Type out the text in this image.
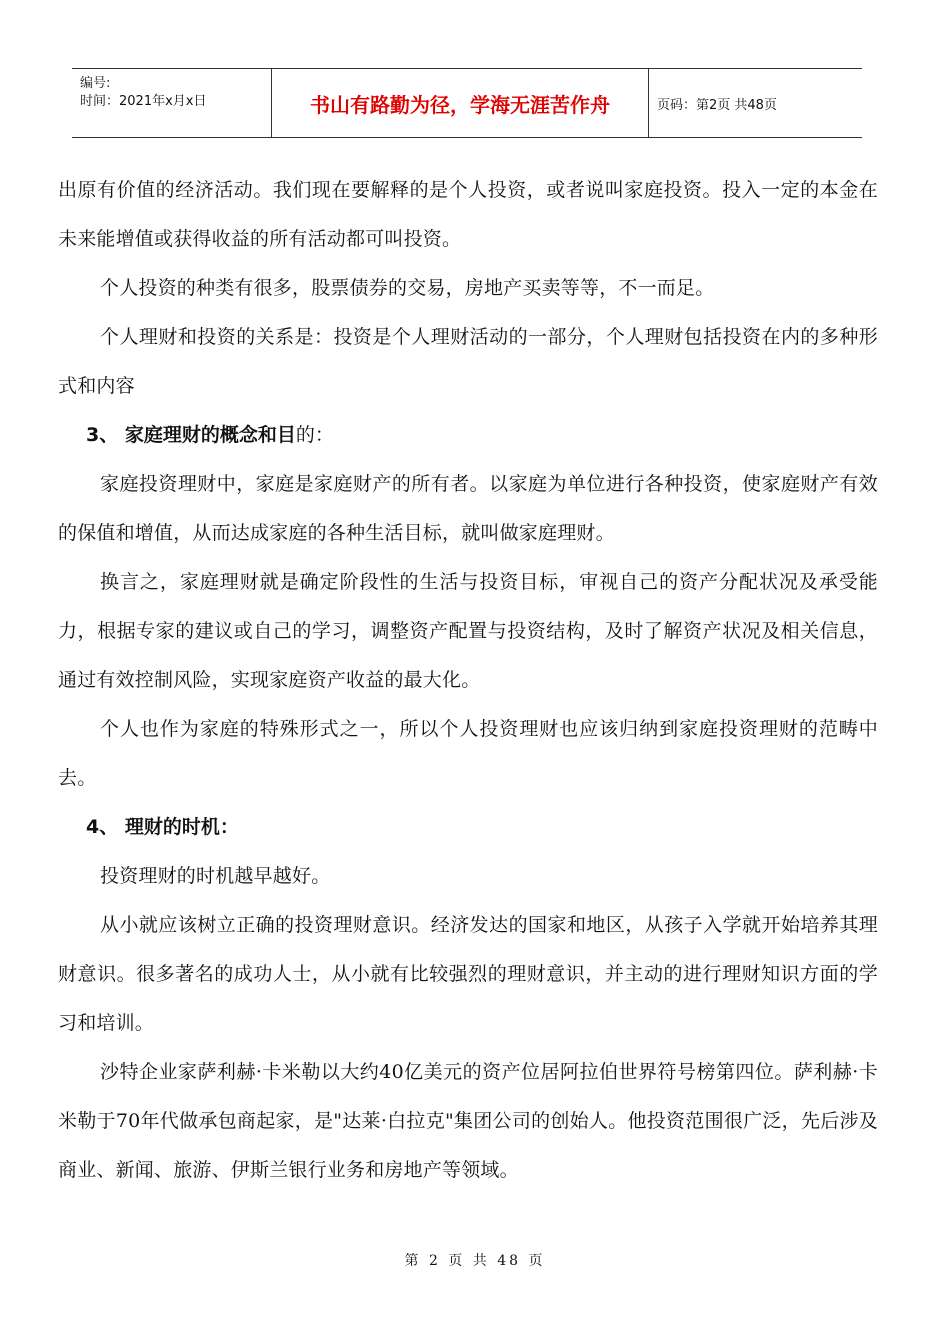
编号:
时间：2021年x月x日	书山有路勤为径，学海无涯苦作舟	页码：第2页 共48页

出原有价值的经济活动。我们现在要解释的是个人投资，或者说叫家庭投资。投入一定的本金在未来能增值或获得收益的所有活动都可叫投资。

个人投资的种类有很多，股票债券的交易，房地产买卖等等，不一而足。

个人理财和投资的关系是：投资是个人理财活动的一部分，个人理财包括投资在内的多种形式和内容

3、 家庭理财的概念和目的：

家庭投资理财中，家庭是家庭财产的所有者。以家庭为单位进行各种投资，使家庭财产有效的保值和增值，从而达成家庭的各种生活目标，就叫做家庭理财。

换言之，家庭理财就是确定阶段性的生活与投资目标，审视自己的资产分配状况及承受能力，根据专家的建议或自己的学习，调整资产配置与投资结构，及时了解资产状况及相关信息，通过有效控制风险，实现家庭资产收益的最大化。

个人也作为家庭的特殊形式之一，所以个人投资理财也应该归纳到家庭投资理财的范畴中去。

4、 理财的时机：

投资理财的时机越早越好。

从小就应该树立正确的投资理财意识。经济发达的国家和地区，从孩子入学就开始培养其理财意识。很多著名的成功人士，从小就有比较强烈的理财意识，并主动的进行理财知识方面的学习和培训。

沙特企业家萨利赫·卡米勒以大约40亿美元的资产位居阿拉伯世界符号榜第四位。萨利赫·卡米勒于70年代做承包商起家，是"达莱·白拉克"集团公司的创始人。他投资范围很广泛，先后涉及商业、新闻、旅游、伊斯兰银行业务和房地产等领域。

第 2 页 共 48 页
